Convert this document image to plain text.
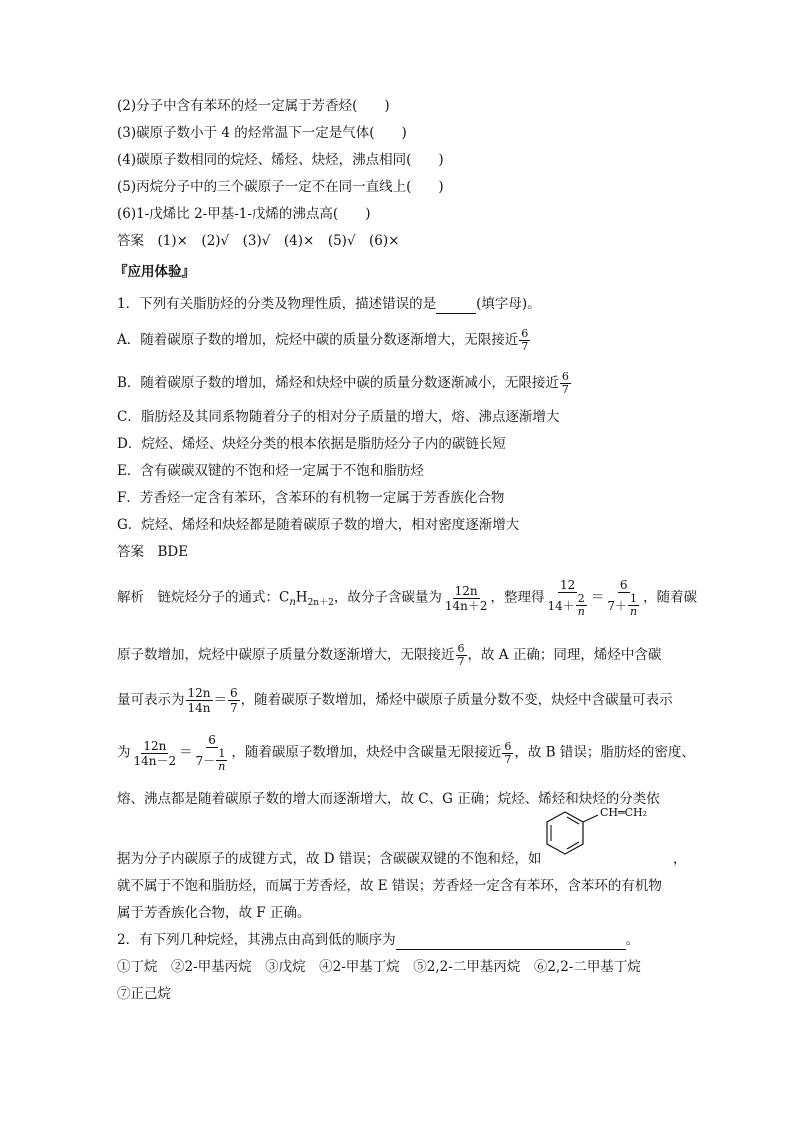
(2)分子中含有苯环的烃一定属于芳香烃(　　)
(3)碳原子数小于 4 的烃常温下一定是气体(　　)
(4)碳原子数相同的烷烃、烯烃、炔烃，沸点相同(　　)
(5)丙烷分子中的三个碳原子一定不在同一直线上(　　)
(6)1-戊烯比 2-甲基-1-戊烯的沸点高(　　)
答案　(1)×　(2)√　(3)√　(4)×　(5)√　(6)×
『应用体验』
1．下列有关脂肪烃的分类及物理性质，描述错误的是	(填字母)。
A．随着碳原子数的增加，烷烃中碳的质量分数逐渐增大，无限接近 $\frac{6}{7}$
B．随着碳原子数的增加，烯烃和炔烃中碳的质量分数逐渐减小，无限接近 $\frac{6}{7}$
C．脂肪烃及其同系物随着分子的相对分子质量的增大，熔、沸点逐渐增大
D．烷烃、烯烃、炔烃分类的根本依据是脂肪烃分子内的碳链长短
E．含有碳碳双键的不饱和烃一定属于不饱和脂肪烃
F．芳香烃一定含有苯环，含苯环的有机物一定属于芳香族化合物
G．烷烃、烯烃和炔烃都是随着碳原子数的增大，相对密度逐渐增大
答案　BDE
解析　链烷烃分子的通式：$C_nH_{2n+2}$，故分子含碳量为 $\frac{12n}{14n+2}$ ，整理得 $\frac{12}{14+ \frac{2}{n}} = \frac{6}{7+ \frac{1}{n}}$ ，随着碳
原子数增加，烷烃中碳原子质量分数逐渐增大，无限接近 $\frac{6}{7}$ ，故 A 正确；同理，烯烃中含碳
量可表示为 $\frac{12n}{14n} = \frac{6}{7}$ ，随着碳原子数增加，烯烃中碳原子质量分数不变，炔烃中含碳量可表示
为 $\frac{12n}{14n-2} = \frac{6}{7- \frac{1}{n}}$ ，随着碳原子数增加，炔烃中含碳量无限接近 $\frac{6}{7}$ ，故 B 错误；脂肪烃的密度、
熔、沸点都是随着碳原子数的增大而逐渐增大，故 C、G 正确；烷烃、烯烃和炔烃的分类依
据为分子内碳原子的成键方式，故 D 错误；含碳碳双键的不饱和烃，如	，
CH═CH₂
就不属于不饱和脂肪烃，而属于芳香烃，故 E 错误；芳香烃一定含有苯环，含苯环的有机物
属于芳香族化合物，故 F 正确。
2．有下列几种烷烃，其沸点由高到低的顺序为	。
①丁烷　②2-甲基丙烷　③戊烷　④2-甲基丁烷　⑤2,2-二甲基丙烷　⑥2,2-二甲基丁烷
⑦正己烷
